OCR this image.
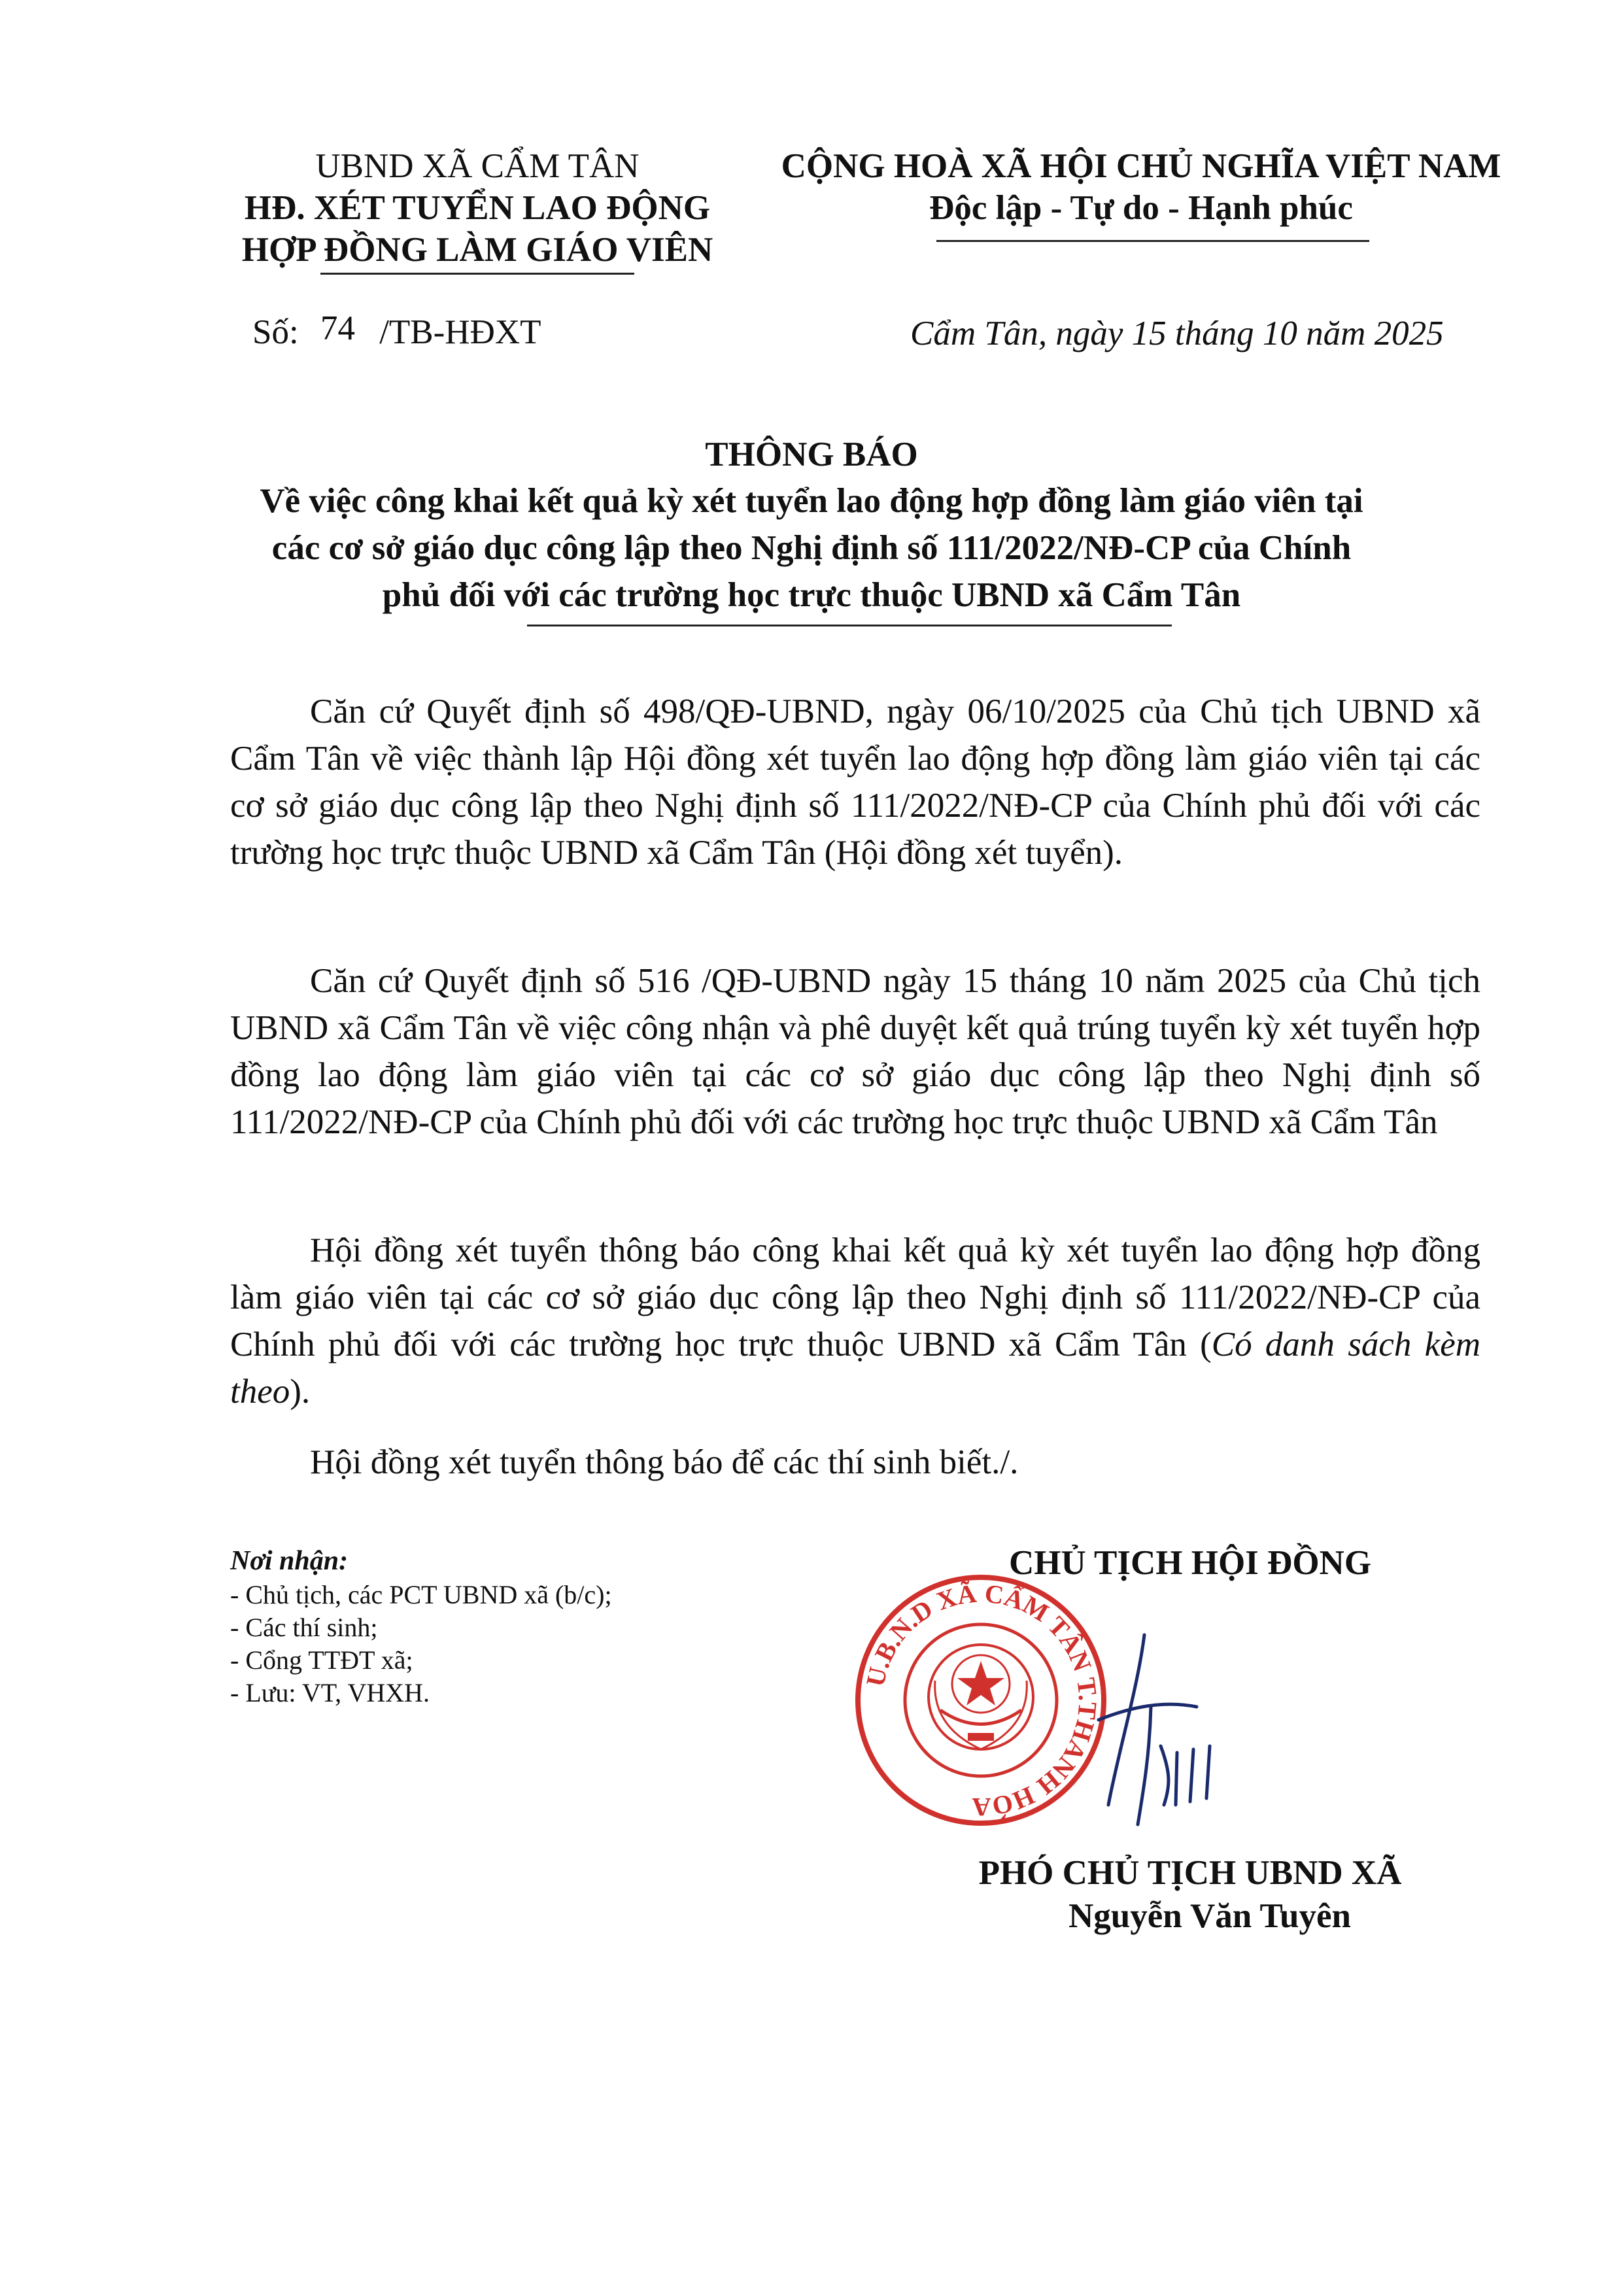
UBND XÃ CẨM TÂN
HĐ. XÉT TUYỂN LAO ĐỘNG
HỢP ĐỒNG LÀM GIÁO VIÊN
CỘNG HOÀ XÃ HỘI CHỦ NGHĨA VIỆT NAM
Độc lập - Tự do - Hạnh phúc
Số: 74 /TB-HĐXT	Cẩm Tân, ngày 15 tháng 10 năm 2025
THÔNG BÁO
Về việc công khai kết quả kỳ xét tuyển lao động hợp đồng làm giáo viên tại
các cơ sở giáo dục công lập theo Nghị định số 111/2022/NĐ-CP của Chính
phủ đối với các trường học trực thuộc UBND xã Cẩm Tân

Căn cứ Quyết định số 498/QĐ-UBND, ngày 06/10/2025 của Chủ tịch UBND xã Cẩm Tân về việc thành lập Hội đồng xét tuyển lao động hợp đồng làm giáo viên tại các cơ sở giáo dục công lập theo Nghị định số 111/2022/NĐ-CP của Chính phủ đối với các trường học trực thuộc UBND xã Cẩm Tân (Hội đồng xét tuyển).

Căn cứ Quyết định số 516 /QĐ-UBND ngày 15 tháng 10 năm 2025 của Chủ tịch UBND xã Cẩm Tân về việc công nhận và phê duyệt kết quả trúng tuyển kỳ xét tuyển hợp đồng lao động làm giáo viên tại các cơ sở giáo dục công lập theo Nghị định số 111/2022/NĐ-CP của Chính phủ đối với các trường học trực thuộc UBND xã Cẩm Tân

Hội đồng xét tuyển thông báo công khai kết quả kỳ xét tuyển lao động hợp đồng làm giáo viên tại các cơ sở giáo dục công lập theo Nghị định số 111/2022/NĐ-CP của Chính phủ đối với các trường học trực thuộc UBND xã Cẩm Tân (Có danh sách kèm theo).

Hội đồng xét tuyển thông báo để các thí sinh biết./.

Nơi nhận:
- Chủ tịch, các PCT UBND xã (b/c);
- Các thí sinh;
- Cổng TTĐT xã;
- Lưu: VT, VHXH.
CHỦ TỊCH HỘI ĐỒNG
U.B.N.D XÃ CẨM TÂN T.THANH HÓA
PHÓ CHỦ TỊCH UBND XÃ
Nguyễn Văn Tuyên
